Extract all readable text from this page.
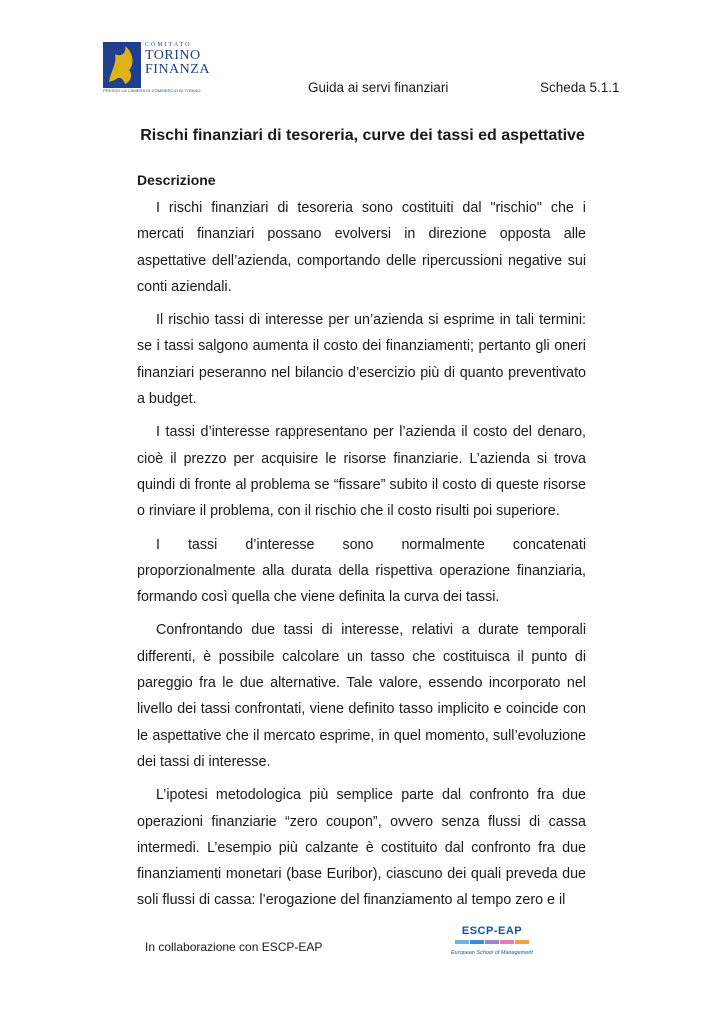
COMITATO
TORINO
FINANZA
PRESSO LA CAMERA DI COMMERCIO DI TORINO	Guida ai servi finanziari	Scheda 5.1.1
Rischi finanziari di tesoreria, curve dei tassi ed aspettative
Descrizione

I rischi finanziari di tesoreria sono costituiti dal "rischio" che i mercati finanziari possano evolversi in direzione opposta alle aspettative dell’azienda, comportando delle ripercussioni negative sui conti aziendali.

Il rischio tassi di interesse per un’azienda si esprime in tali termini: se i tassi salgono aumenta il costo dei finanziamenti; pertanto gli oneri finanziari peseranno nel bilancio d’esercizio più di quanto preventivato a budget.

I tassi d’interesse rappresentano per l’azienda il costo del denaro, cioè il prezzo per acquisire le risorse finanziarie. L’azienda si trova quindi di fronte al problema se “fissare” subito il costo di queste risorse o rinviare il problema, con il rischio che il costo risulti poi superiore.

I tassi d’interesse sono normalmente concatenati proporzionalmente alla durata della rispettiva operazione finanziaria, formando così quella che viene definita la curva dei tassi.

Confrontando due tassi di interesse, relativi a durate temporali differenti, è possibile calcolare un tasso che costituisca il punto di pareggio fra le due alternative. Tale valore, essendo incorporato nel livello dei tassi confrontati, viene definito tasso implicito e coincide con le aspettative che il mercato esprime, in quel momento, sull’evoluzione dei tassi di interesse.

L’ipotesi metodologica più semplice parte dal confronto fra due operazioni finanziarie “zero coupon”, ovvero senza flussi di cassa intermedi. L’esempio più calzante è costituito dal confronto fra due finanziamenti monetari (base Euribor), ciascuno dei quali preveda due soli flussi di cassa: l’erogazione del finanziamento al tempo zero e il

In collaborazione con ESCP-EAP
ESCP-EAP
European School of Management
